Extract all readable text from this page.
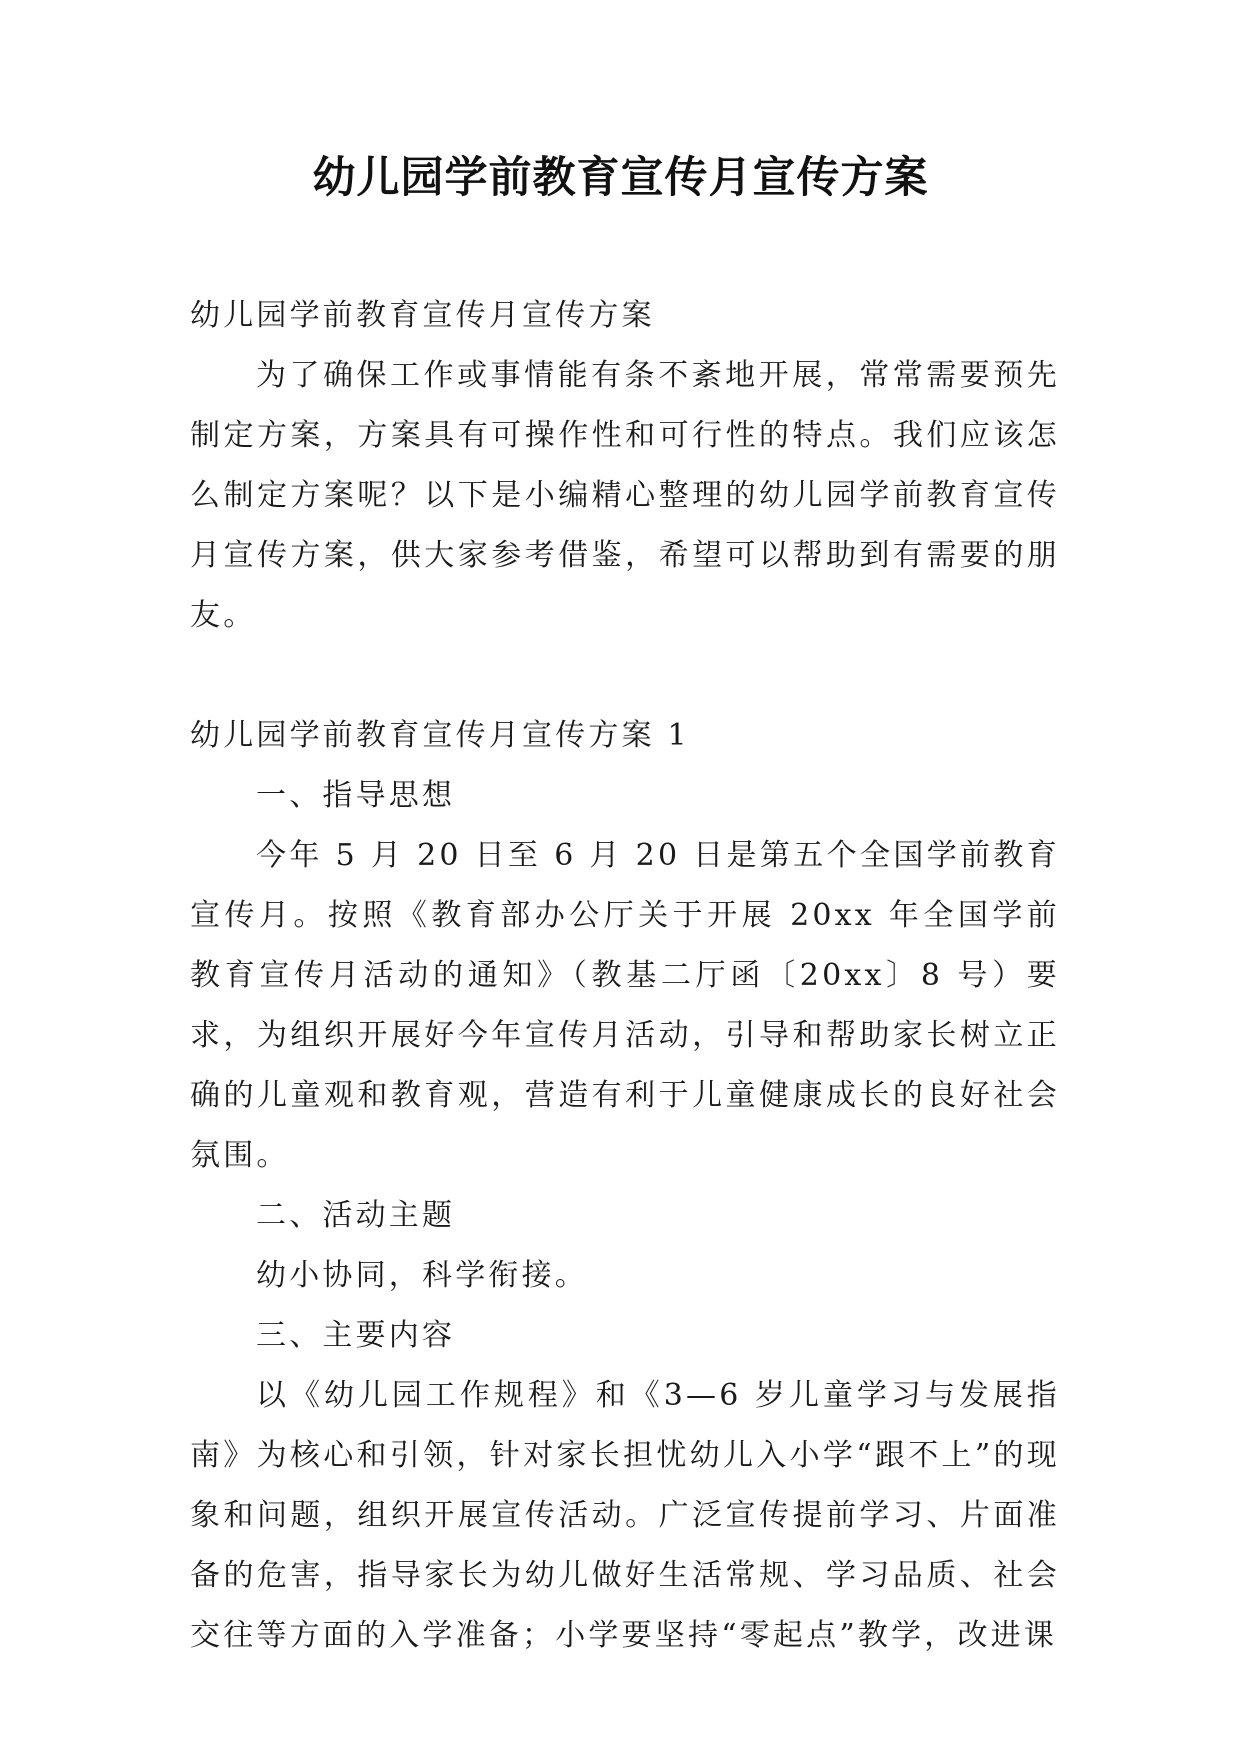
幼儿园学前教育宣传月宣传方案

幼儿园学前教育宣传月宣传方案

为了确保工作或事情能有条不紊地开展，常常需要预先制定方案，方案具有可操作性和可行性的特点。我们应该怎么制定方案呢？以下是小编精心整理的幼儿园学前教育宣传月宣传方案，供大家参考借鉴，希望可以帮助到有需要的朋友。

幼儿园学前教育宣传月宣传方案 1

一、指导思想

今年 5 月 20 日至 6 月 20 日是第五个全国学前教育宣传月。按照《教育部办公厅关于开展 20xx 年全国学前教育宣传月活动的通知》（教基二厅函〔20xx〕8 号）要求，为组织开展好今年宣传月活动，引导和帮助家长树立正确的儿童观和教育观，营造有利于儿童健康成长的良好社会氛围。

二、活动主题

幼小协同，科学衔接。

三、主要内容

以《幼儿园工作规程》和《3—6 岁儿童学习与发展指南》为核心和引领，针对家长担忧幼儿入小学“跟不上”的现象和问题，组织开展宣传活动。广泛宣传提前学习、片面准备的危害，指导家长为幼儿做好生活常规、学习品质、社会交往等方面的入学准备；小学要坚持“零起点”教学，改进课
